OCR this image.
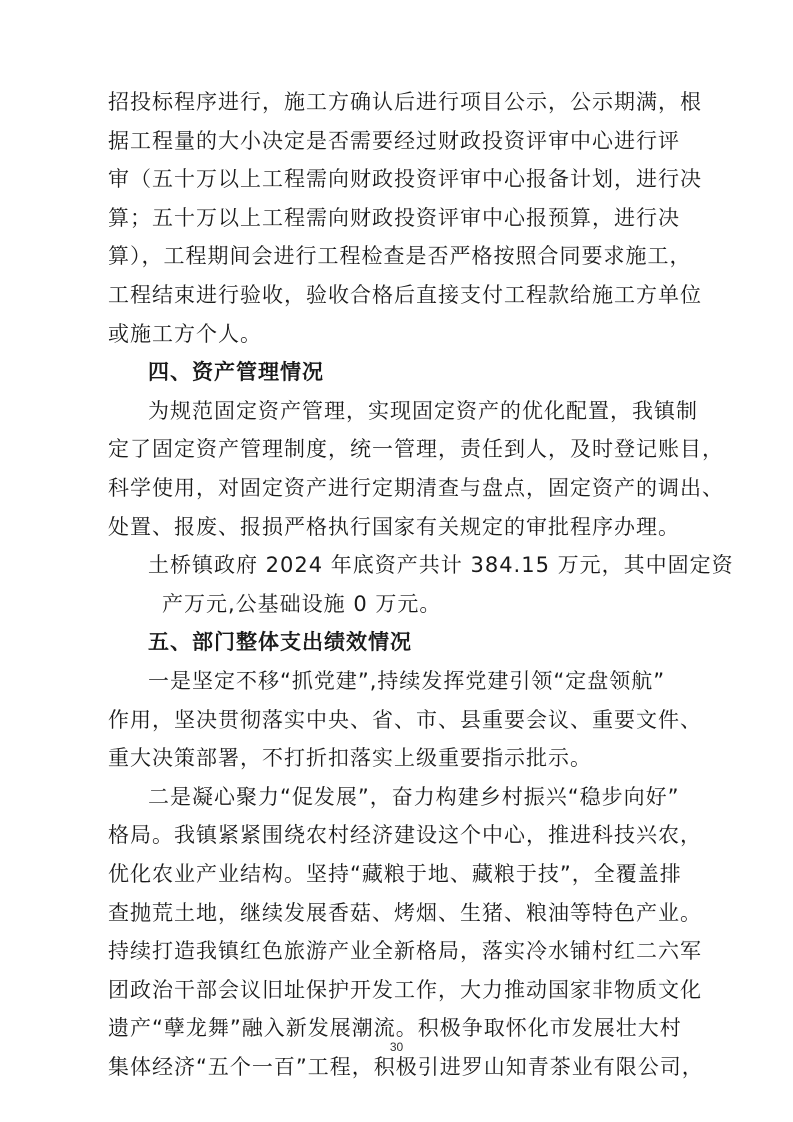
招投标程序进行，施工方确认后进行项目公示，公示期满，根
据工程量的大小决定是否需要经过财政投资评审中心进行评
审（五十万以上工程需向财政投资评审中心报备计划，进行决
算；五十万以上工程需向财政投资评审中心报预算，进行决
算），工程期间会进行工程检查是否严格按照合同要求施工，
工程结束进行验收，验收合格后直接支付工程款给施工方单位
或施工方个人。
四、资产管理情况
为规范固定资产管理，实现固定资产的优化配置，我镇制
定了固定资产管理制度，统一管理，责任到人，及时登记账目，
科学使用，对固定资产进行定期清查与盘点，固定资产的调出、
处置、报废、报损严格执行国家有关规定的审批程序办理。
土桥镇政府 2024 年底资产共计 384.15 万元，其中固定资
产万元,公基础设施 0 万元。
五、部门整体支出绩效情况
一是坚定不移“抓党建”,持续发挥党建引领“定盘领航”
作用，坚决贯彻落实中央、省、市、县重要会议、重要文件、
重大决策部署，不打折扣落实上级重要指示批示。
二是凝心聚力“促发展”，奋力构建乡村振兴“稳步向好”
格局。我镇紧紧围绕农村经济建设这个中心，推进科技兴农，
优化农业产业结构。坚持“藏粮于地、藏粮于技”，全覆盖排
查抛荒土地，继续发展香菇、烤烟、生猪、粮油等特色产业。
持续打造我镇红色旅游产业全新格局，落实冷水铺村红二六军
团政治干部会议旧址保护开发工作，大力推动国家非物质文化
遗产“孽龙舞”融入新发展潮流。积极争取怀化市发展壮大村
集体经济“五个一百”工程，积极引进罗山知青茶业有限公司，
30
